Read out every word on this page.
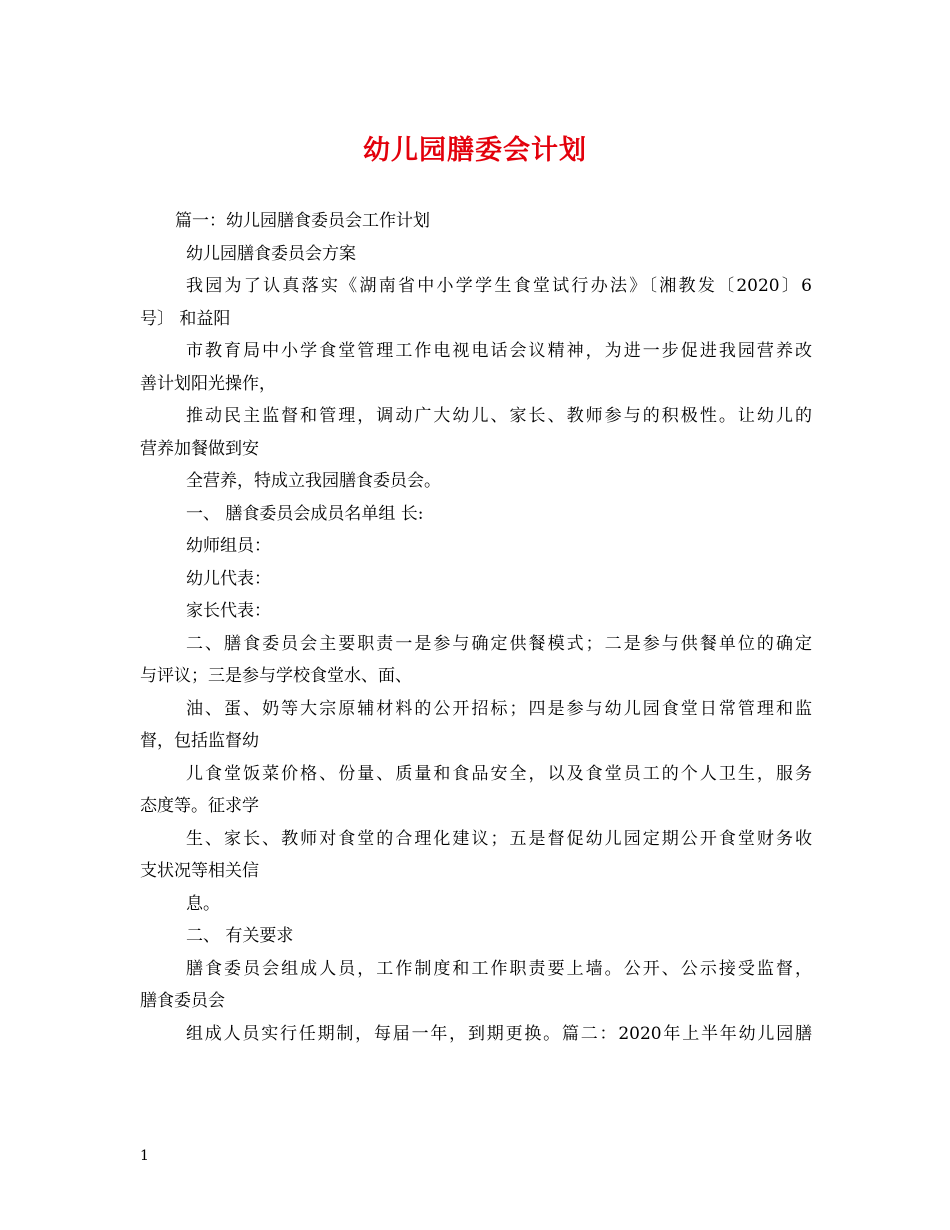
幼儿园膳委会计划
篇一：幼儿园膳食委员会工作计划
幼儿园膳食委员会方案
我园为了认真落实《湖南省中小学学生食堂试行办法》〔湘教发〔2020〕6
号〕 和益阳
市教育局中小学食堂管理工作电视电话会议精神，为进一步促进我园营养改
善计划阳光操作，
推动民主监督和管理，调动广大幼儿、家长、教师参与的积极性。让幼儿的
营养加餐做到安
全营养，特成立我园膳食委员会。
一、 膳食委员会成员名单组 长:
幼师组员：
幼儿代表：
家长代表：
二、膳食委员会主要职责一是参与确定供餐模式；二是参与供餐单位的确定
与评议；三是参与学校食堂水、面、
油、蛋、奶等大宗原辅材料的公开招标；四是参与幼儿园食堂日常管理和监
督，包括监督幼
儿食堂饭菜价格、份量、质量和食品安全，以及食堂员工的个人卫生，服务
态度等。征求学
生、家长、教师对食堂的合理化建议；五是督促幼儿园定期公开食堂财务收
支状况等相关信
息。
二、 有关要求
膳食委员会组成人员，工作制度和工作职责要上墙。公开、公示接受监督，
膳食委员会
组成人员实行任期制，每届一年，到期更换。篇二：2020年上半年幼儿园膳
1
